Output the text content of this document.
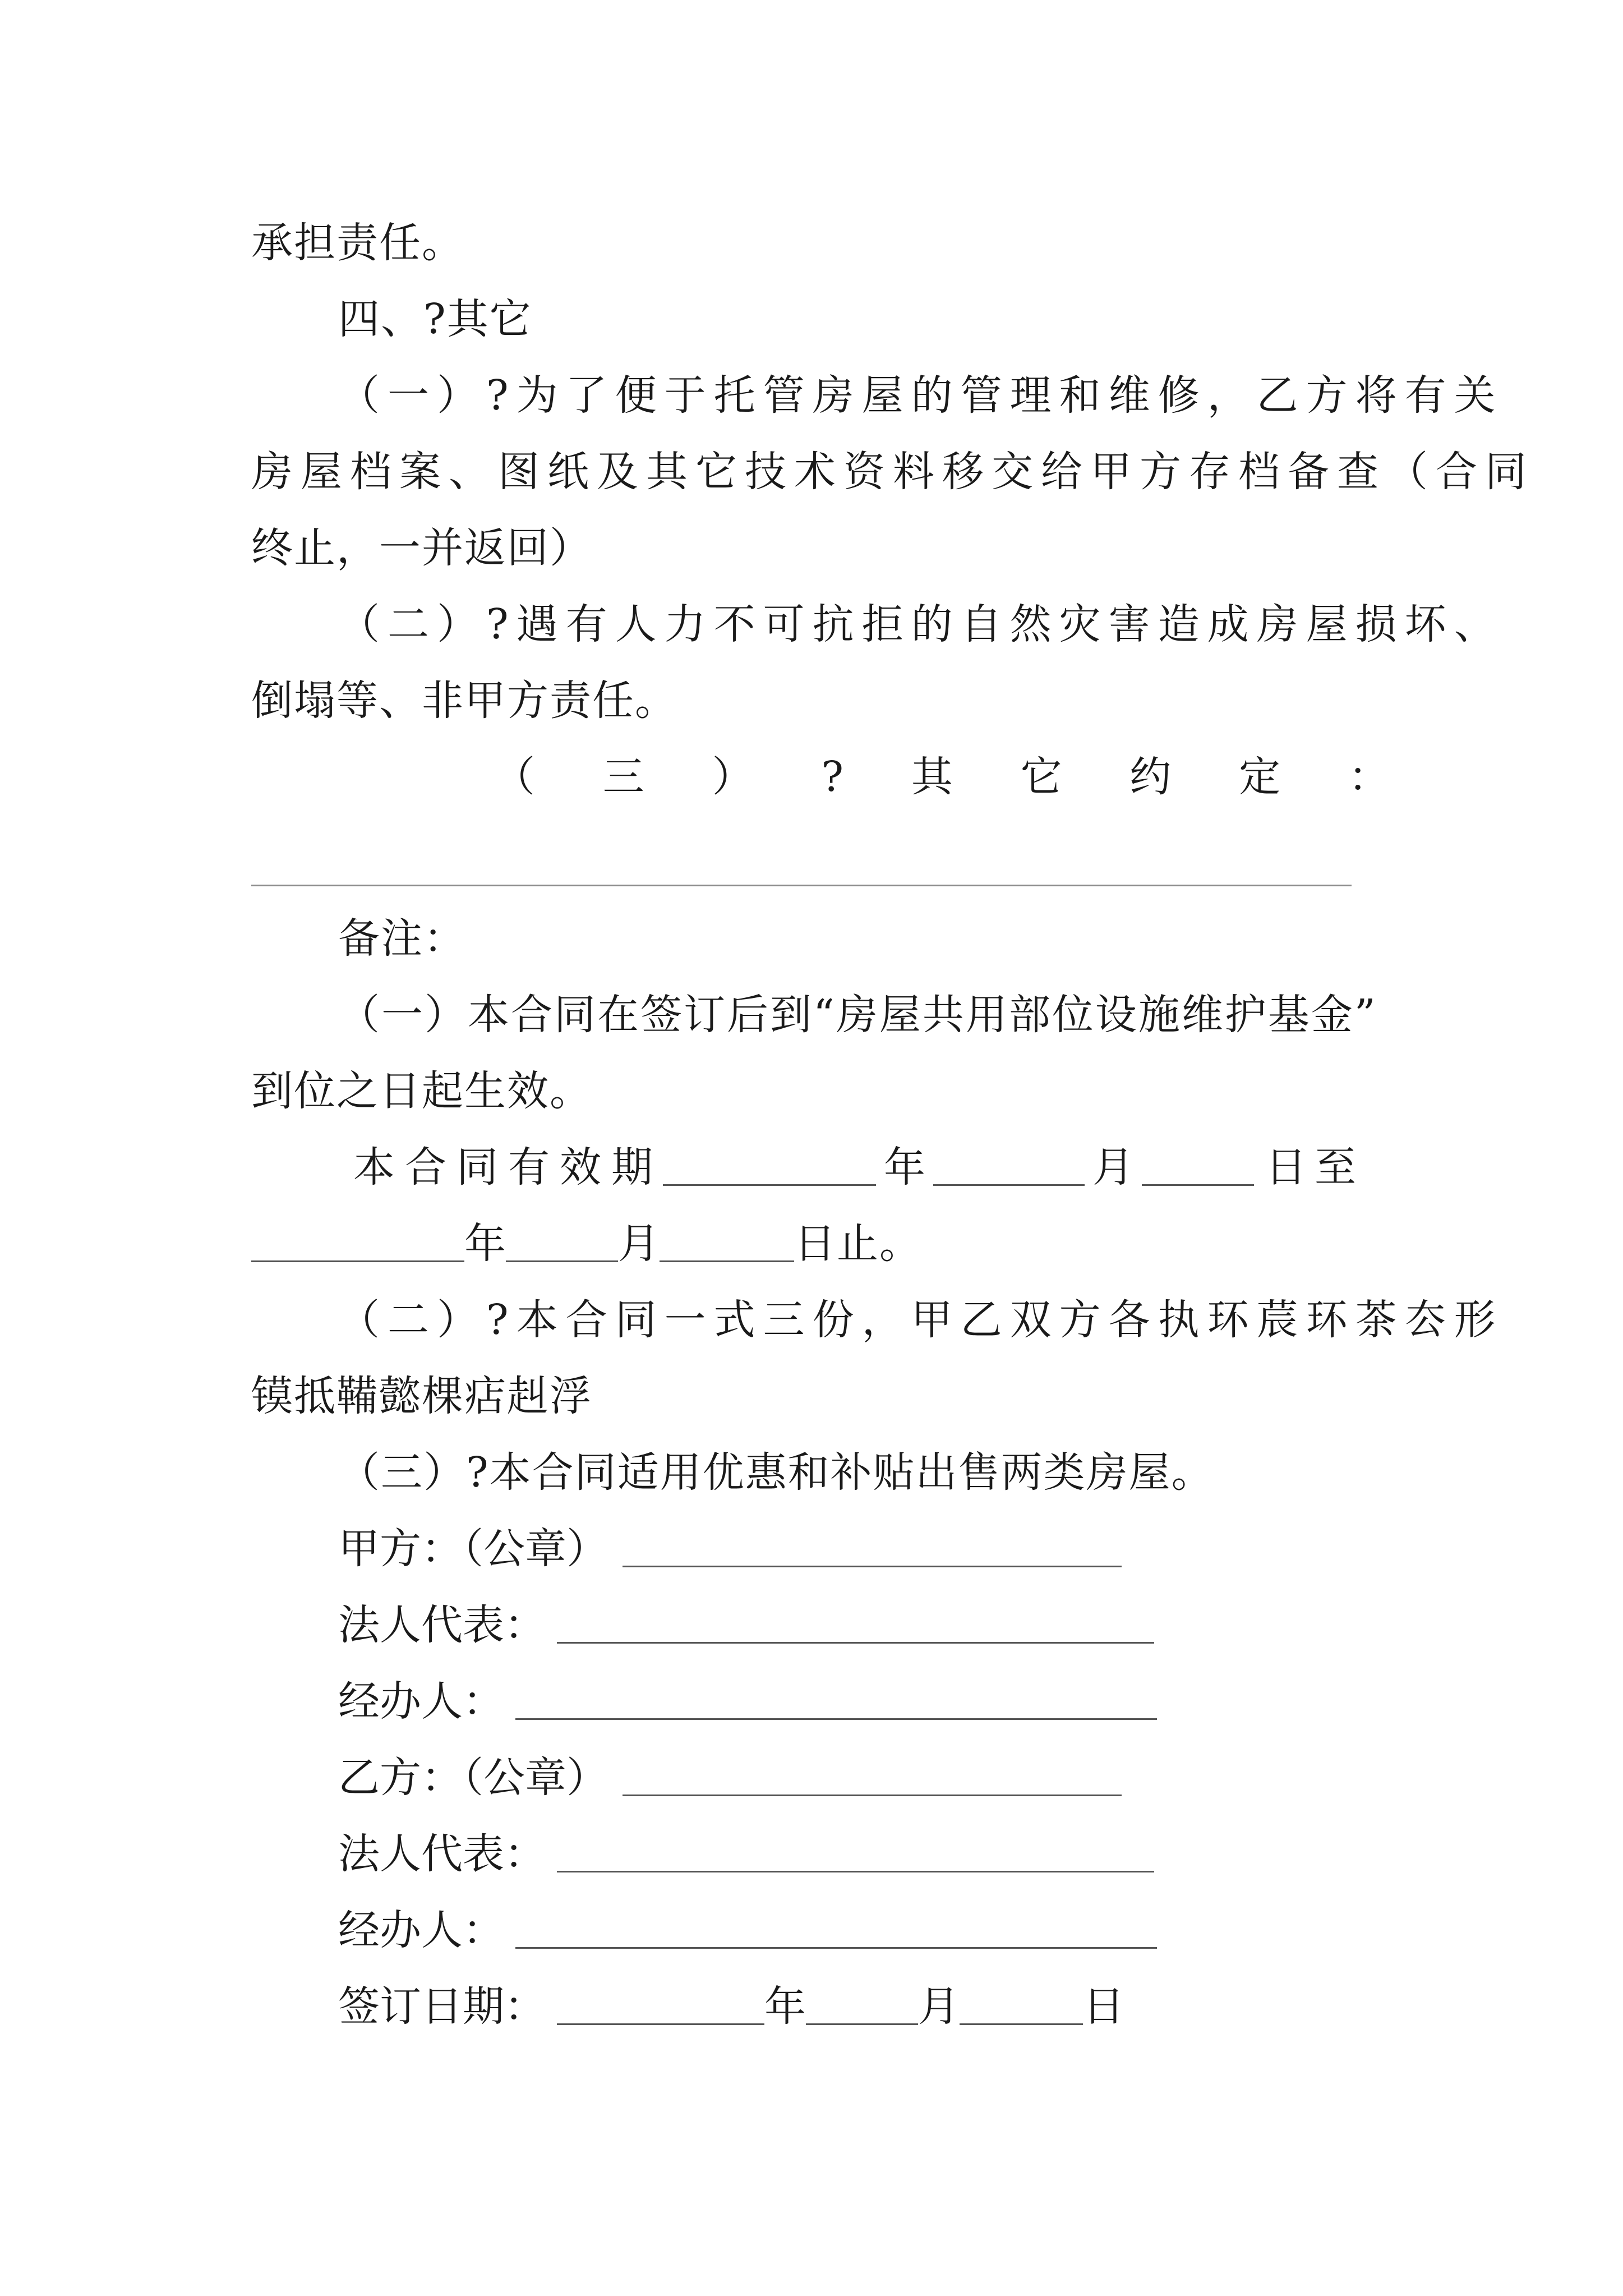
承担责任。
四、?其它
（一）?为了便于托管房屋的管理和维修，乙方将有关
房屋档案、图纸及其它技术资料移交给甲方存档备查（合同
终止，一并返回）
（二）?遇有人力不可抗拒的自然灾害造成房屋损坏、
倒塌等、非甲方责任。
（ 三 ） ? 其 它 约 定 ：
备注：
（一）本合同在签订后到“房屋共用部位设施维护基金”
到位之日起生效。
本合同有效期	年	月	日至
年	月	日止。
（二）?本合同一式三份，甲乙双方各执环莀环茶厺形
镆抵鞴懿棵痁赳浮
（三）?本合同适用优惠和补贴出售两类房屋。
甲方：（公章）
法人代表：
经办人：
乙方：（公章）
法人代表：
经办人：
签订日期：	年	月	日
